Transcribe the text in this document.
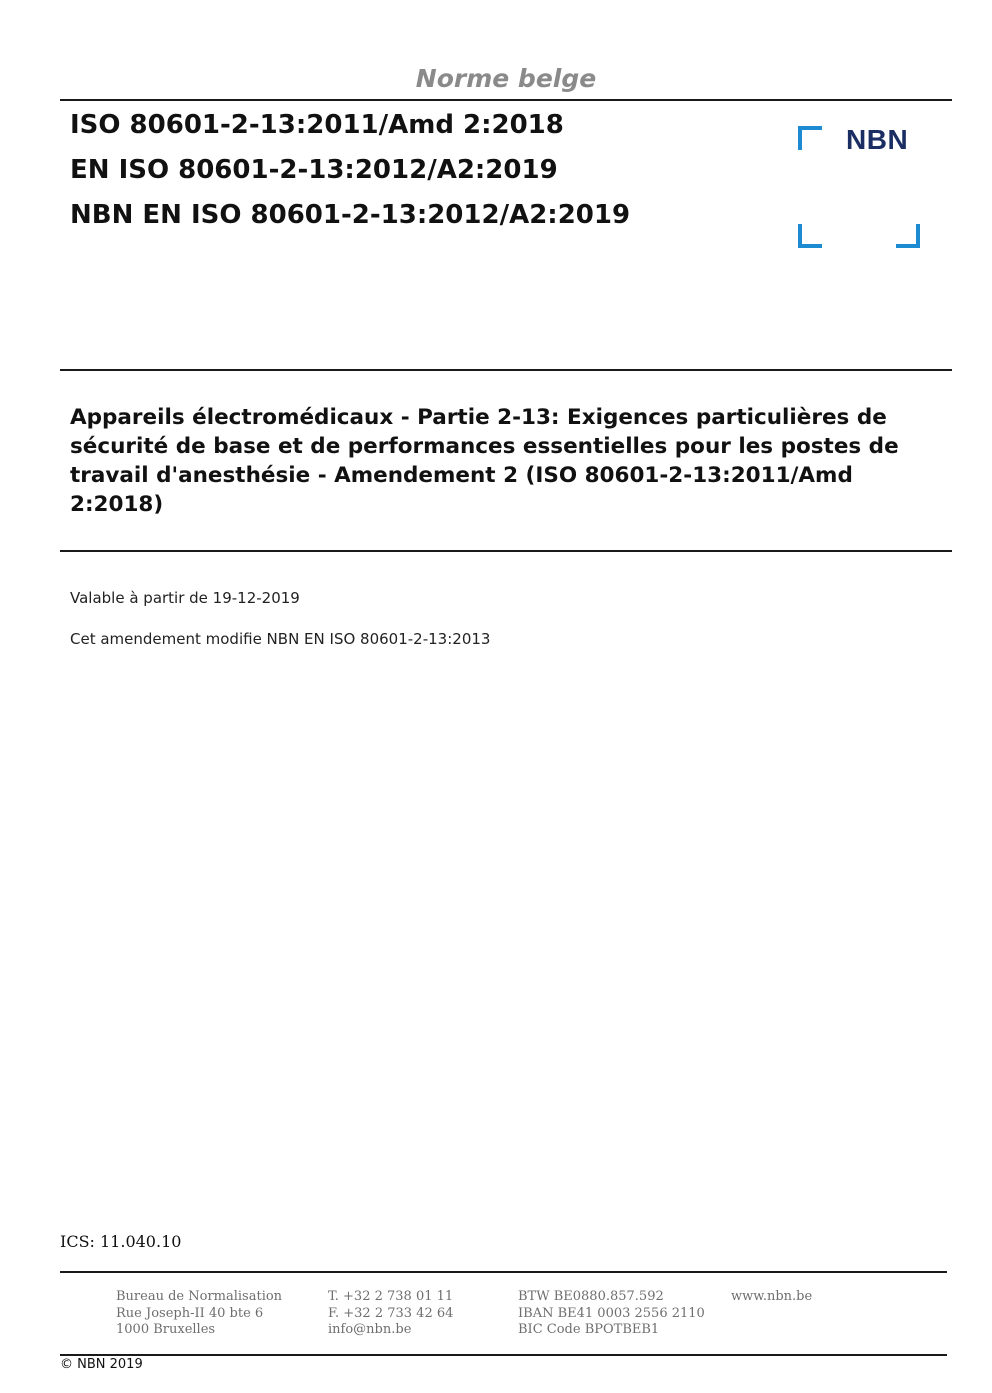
Norme belge
ISO 80601-2-13:2011/Amd 2:2018
EN ISO 80601-2-13:2012/A2:2019
NBN EN ISO 80601-2-13:2012/A2:2019
NBN
Appareils électromédicaux - Partie 2-13: Exigences particulières de sécurité de base et de performances essentielles pour les postes de travail d'anesthésie - Amendement 2 (ISO 80601-2-13:2011/Amd 2:2018)
Valable à partir de 19-12-2019
Cet amendement modifie NBN EN ISO 80601-2-13:2013
ICS: 11.040.10
Bureau de Normalisation
Rue Joseph-II 40 bte 6
1000 Bruxelles
T. +32 2 738 01 11
F. +32 2 733 42 64
info@nbn.be
BTW BE0880.857.592
IBAN BE41 0003 2556 2110
BIC Code BPOTBEB1
www.nbn.be
© NBN 2019
